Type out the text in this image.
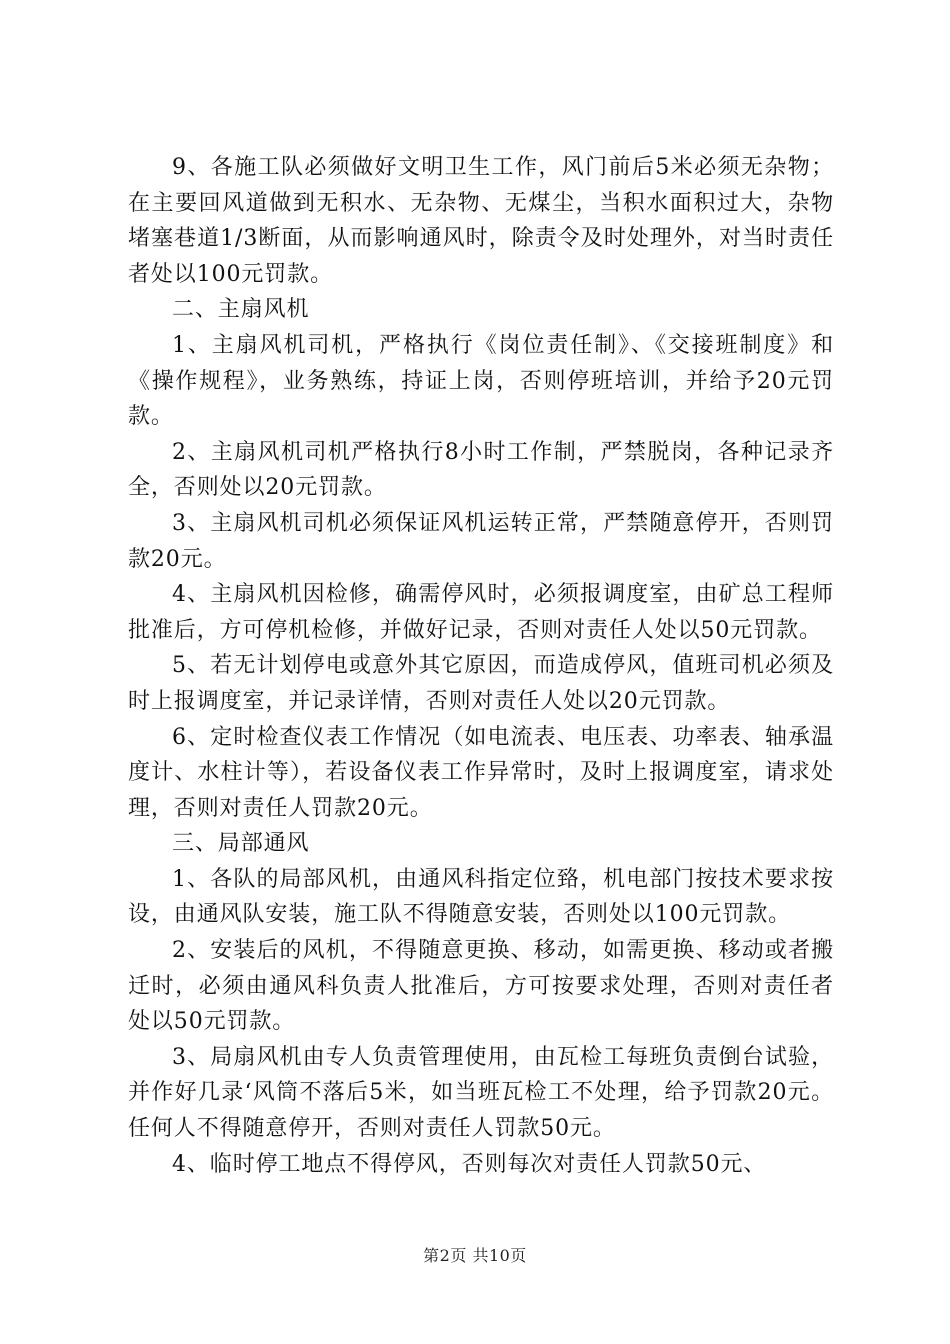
9、各施工队必须做好文明卫生工作，风门前后5米必须无杂物；在主要回风道做到无积水、无杂物、无煤尘，当积水面积过大，杂物堵塞巷道1/3断面，从而影响通风时，除责令及时处理外，对当时责任者处以100元罚款。

二、主扇风机

1、主扇风机司机，严格执行《岗位责任制》、《交接班制度》和《操作规程》，业务熟练，持证上岗，否则停班培训，并给予20元罚款。

2、主扇风机司机严格执行8小时工作制，严禁脱岗，各种记录齐全，否则处以20元罚款。

3、主扇风机司机必须保证风机运转正常，严禁随意停开，否则罚款20元。

4、主扇风机因检修，确需停风时，必须报调度室，由矿总工程师批准后，方可停机检修，并做好记录，否则对责任人处以50元罚款。

5、若无计划停电或意外其它原因，而造成停风，值班司机必须及时上报调度室，并记录详情，否则对责任人处以20元罚款。

6、定时检查仪表工作情况（如电流表、电压表、功率表、轴承温度计、水柱计等），若设备仪表工作异常时，及时上报调度室，请求处理，否则对责任人罚款20元。

三、局部通风

1、各队的局部风机，由通风科指定位臵，机电部门按技术要求按设，由通风队安装，施工队不得随意安装，否则处以100元罚款。

2、安装后的风机，不得随意更换、移动，如需更换、移动或者搬迁时，必须由通风科负责人批准后，方可按要求处理，否则对责任者处以50元罚款。

3、局扇风机由专人负责管理使用，由瓦检工每班负责倒台试验，并作好几录‘风筒不落后5米，如当班瓦检工不处理，给予罚款20元。任何人不得随意停开，否则对责任人罚款50元。

4、临时停工地点不得停风，否则每次对责任人罚款50元、

第2页 共10页
